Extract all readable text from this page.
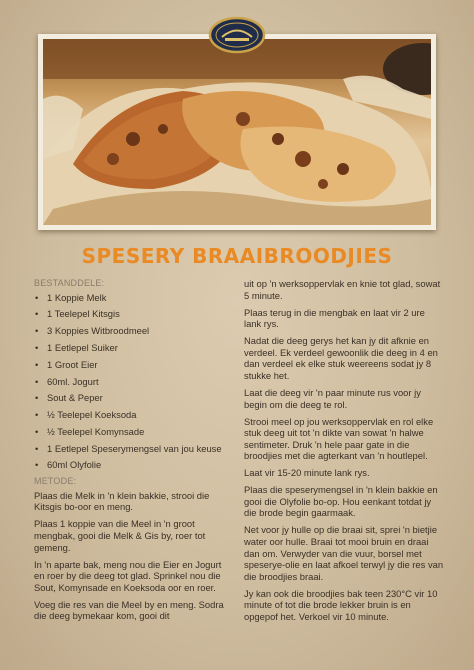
SPESERY BRAAIBROODJIES
BESTANDDELE:
• 1 Koppie Melk
• 1 Teelepel Kitsgis
• 3 Koppies Witbroodmeel
• 1 Eetlepel Suiker
• 1 Groot Eier
• 60ml. Jogurt
• Sout & Peper
• ½ Teelepel Koeksoda
• ½ Teelepel Komynsade
• 1 Eetlepel Speserymengsel van jou keuse
• 60ml Olyfolie
METODE:

Plaas die Melk in 'n klein bakkie, strooi die Kitsgis bo-oor en meng.

Plaas 1 koppie van die Meel in 'n groot mengbak, gooi die Melk & Gis by, roer tot gemeng.

In 'n aparte bak, meng nou die Eier en Jogurt en roer by die deeg tot glad. Sprinkel nou die Sout, Komynsade en Koeksoda oor en roer.

Voeg die res van die Meel by en meng. Sodra die deeg bymekaar kom, gooi dit

uit op 'n werksoppervlak en knie tot glad, sowat 5 minute.

Plaas terug in die mengbak en laat vir 2 ure lank rys.

Nadat die deeg gerys het kan jy dit afknie en verdeel. Ek verdeel gewoonlik die deeg in 4 en dan verdeel ek elke stuk weereens sodat jy 8 stukke het.

Laat die deeg vir 'n paar minute rus voor jy begin om die deeg te rol.

Strooi meel op jou werksoppervlak en rol elke stuk deeg uit tot 'n dikte van sowat 'n halwe sentimeter. Druk 'n hele paar gate in die broodjies met die agterkant van 'n houtlepel.

Laat vir 15-20 minute lank rys.

Plaas die speserymengsel in 'n klein bakkie en gooi die Olyfolie bo-op. Hou eenkant totdat jy die brode begin gaarmaak.

Net voor jy hulle op die braai sit, sprei 'n bietjie water oor hulle. Braai tot mooi bruin en draai dan om. Verwyder van die vuur, borsel met speserye-olie en laat afkoel terwyl jy die res van die broodjies braai.

Jy kan ook die broodjies bak teen 230°C vir 10 minute of tot die brode lekker bruin is en opgepof het. Verkoel vir 10 minute.
